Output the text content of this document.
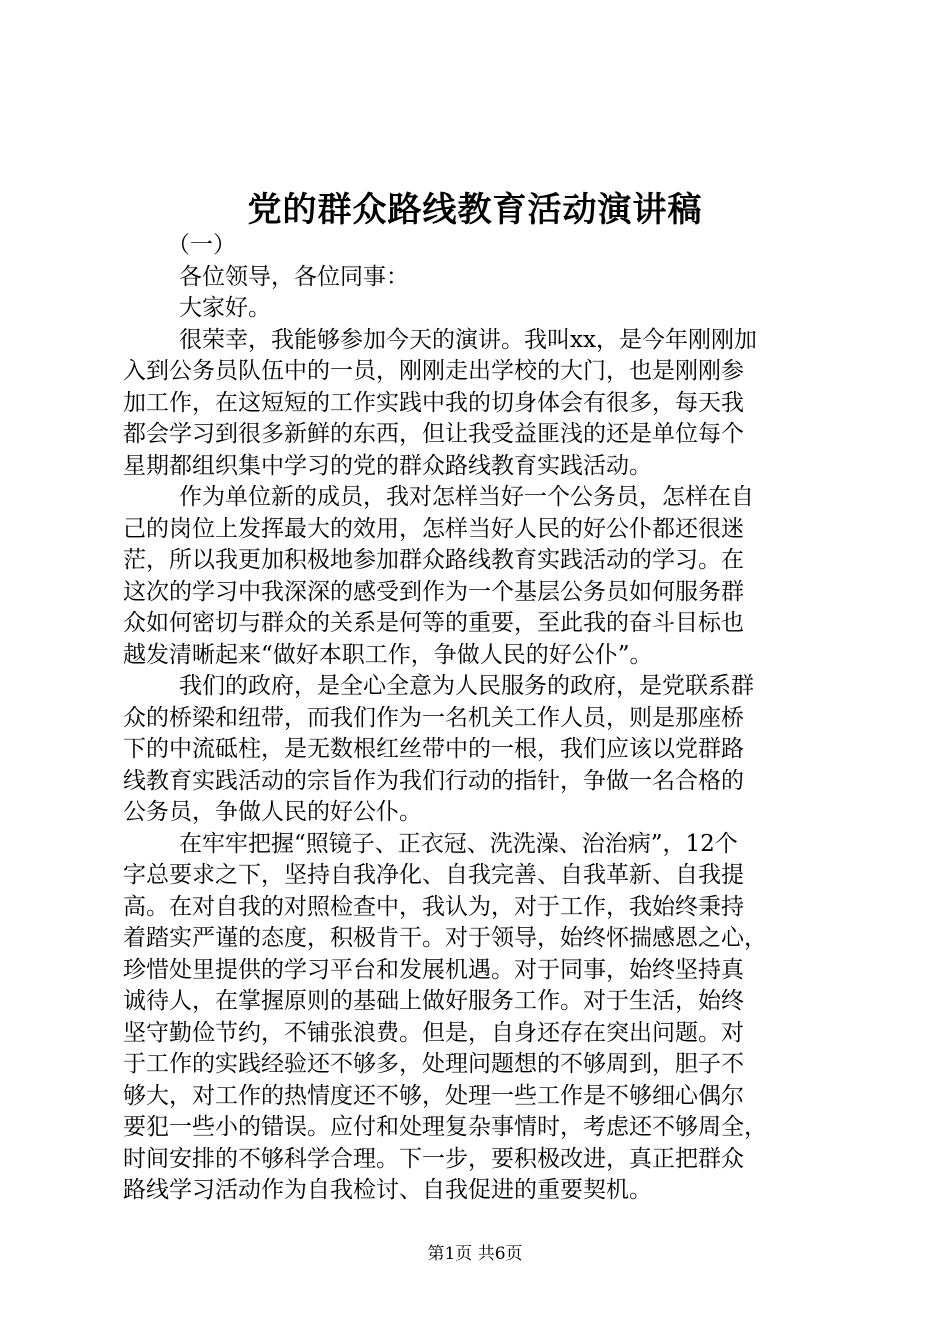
党的群众路线教育活动演讲稿
（一）
各位领导，各位同事：
大家好。
很荣幸，我能够参加今天的演讲。我叫xx，是今年刚刚加
入到公务员队伍中的一员，刚刚走出学校的大门，也是刚刚参
加工作，在这短短的工作实践中我的切身体会有很多，每天我
都会学习到很多新鲜的东西，但让我受益匪浅的还是单位每个
星期都组织集中学习的党的群众路线教育实践活动。
作为单位新的成员，我对怎样当好一个公务员，怎样在自
己的岗位上发挥最大的效用，怎样当好人民的好公仆都还很迷
茫，所以我更加积极地参加群众路线教育实践活动的学习。在
这次的学习中我深深的感受到作为一个基层公务员如何服务群
众如何密切与群众的关系是何等的重要，至此我的奋斗目标也
越发清晰起来“做好本职工作，争做人民的好公仆”。
我们的政府，是全心全意为人民服务的政府，是党联系群
众的桥梁和纽带，而我们作为一名机关工作人员，则是那座桥
下的中流砥柱，是无数根红丝带中的一根，我们应该以党群路
线教育实践活动的宗旨作为我们行动的指针，争做一名合格的
公务员，争做人民的好公仆。
在牢牢把握“照镜子、正衣冠、洗洗澡、治治病”，12个
字总要求之下，坚持自我净化、自我完善、自我革新、自我提
高。在对自我的对照检查中，我认为，对于工作，我始终秉持
着踏实严谨的态度，积极肯干。对于领导，始终怀揣感恩之心，
珍惜处里提供的学习平台和发展机遇。对于同事，始终坚持真
诚待人，在掌握原则的基础上做好服务工作。对于生活，始终
坚守勤俭节约，不铺张浪费。但是，自身还存在突出问题。对
于工作的实践经验还不够多，处理问题想的不够周到，胆子不
够大，对工作的热情度还不够，处理一些工作是不够细心偶尔
要犯一些小的错误。应付和处理复杂事情时，考虑还不够周全，
时间安排的不够科学合理。下一步，要积极改进，真正把群众
路线学习活动作为自我检讨、自我促进的重要契机。
第1页 共6页
